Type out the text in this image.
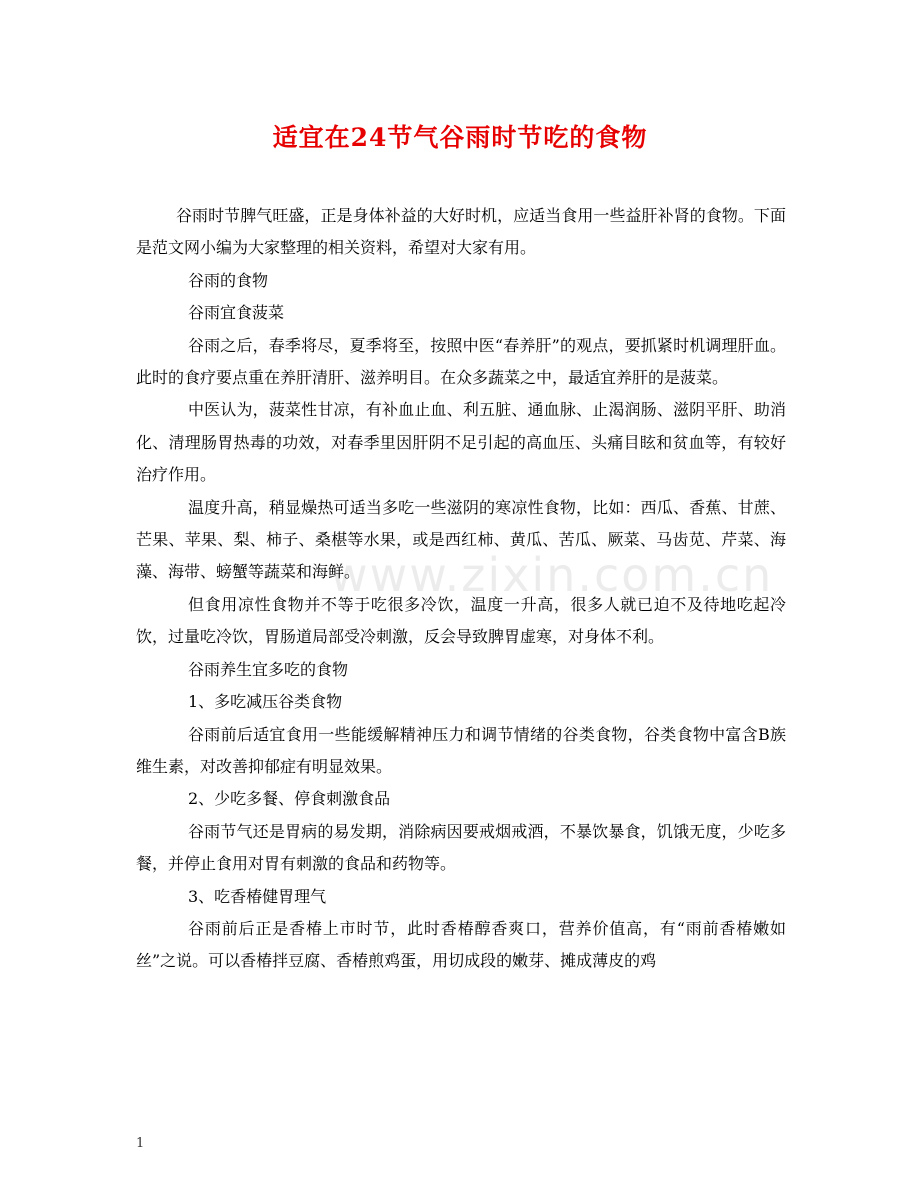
适宜在24节气谷雨时节吃的食物
www.zixin.com.cn

谷雨时节脾气旺盛，正是身体补益的大好时机，应适当食用一些益肝补肾的食物。下面是范文网小编为大家整理的相关资料，希望对大家有用。

谷雨的食物

谷雨宜食菠菜

谷雨之后，春季将尽，夏季将至，按照中医“春养肝”的观点，要抓紧时机调理肝血。此时的食疗要点重在养肝清肝、滋养明目。在众多蔬菜之中，最适宜养肝的是菠菜。

中医认为，菠菜性甘凉，有补血止血、利五脏、通血脉、止渴润肠、滋阴平肝、助消化、清理肠胃热毒的功效，对春季里因肝阴不足引起的高血压、头痛目眩和贫血等，有较好治疗作用。

温度升高，稍显燥热可适当多吃一些滋阴的寒凉性食物，比如：西瓜、香蕉、甘蔗、芒果、苹果、梨、柿子、桑椹等水果，或是西红柿、黄瓜、苦瓜、厥菜、马齿苋、芹菜、海藻、海带、螃蟹等蔬菜和海鲜。

但食用凉性食物并不等于吃很多冷饮，温度一升高，很多人就已迫不及待地吃起冷饮，过量吃冷饮，胃肠道局部受冷刺激，反会导致脾胃虚寒，对身体不利。

谷雨养生宜多吃的食物

1、多吃减压谷类食物

谷雨前后适宜食用一些能缓解精神压力和调节情绪的谷类食物，谷类食物中富含B族维生素，对改善抑郁症有明显效果。

2、少吃多餐、停食刺激食品

谷雨节气还是胃病的易发期，消除病因要戒烟戒酒，不暴饮暴食，饥饿无度，少吃多餐，并停止食用对胃有刺激的食品和药物等。

3、吃香椿健胃理气

谷雨前后正是香椿上市时节，此时香椿醇香爽口，营养价值高，有“雨前香椿嫩如丝”之说。可以香椿拌豆腐、香椿煎鸡蛋，用切成段的嫩芽、摊成薄皮的鸡

1
